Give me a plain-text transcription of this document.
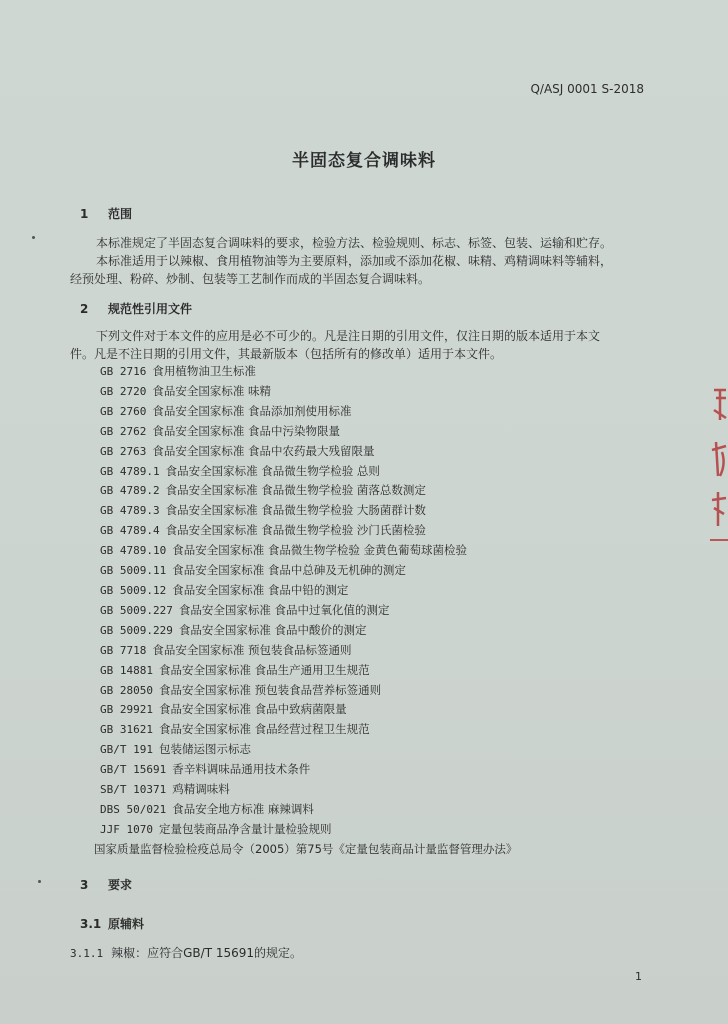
Q/ASJ 0001 S-2018
半固态复合调味料
1 范围
本标准规定了半固态复合调味料的要求，检验方法、检验规则、标志、标签、包装、运输和贮存。
本标准适用于以辣椒、食用植物油等为主要原料，添加或不添加花椒、味精、鸡精调味料等辅料，
经预处理、粉碎、炒制、包装等工艺制作而成的半固态复合调味料。
2 规范性引用文件
下列文件对于本文件的应用是必不可少的。凡是注日期的引用文件，仅注日期的版本适用于本文
件。凡是不注日期的引用文件，其最新版本（包括所有的修改单）适用于本文件。
GB 2716 食用植物油卫生标准
GB 2720 食品安全国家标准 味精
GB 2760 食品安全国家标准 食品添加剂使用标准
GB 2762 食品安全国家标准 食品中污染物限量
GB 2763 食品安全国家标准 食品中农药最大残留限量
GB 4789.1 食品安全国家标准 食品微生物学检验 总则
GB 4789.2 食品安全国家标准 食品微生物学检验 菌落总数测定
GB 4789.3 食品安全国家标准 食品微生物学检验 大肠菌群计数
GB 4789.4 食品安全国家标准 食品微生物学检验 沙门氏菌检验
GB 4789.10 食品安全国家标准 食品微生物学检验 金黄色葡萄球菌检验
GB 5009.11 食品安全国家标准 食品中总砷及无机砷的测定
GB 5009.12 食品安全国家标准 食品中铅的测定
GB 5009.227 食品安全国家标准 食品中过氧化值的测定
GB 5009.229 食品安全国家标准 食品中酸价的测定
GB 7718 食品安全国家标准 预包装食品标签通则
GB 14881 食品安全国家标准 食品生产通用卫生规范
GB 28050 食品安全国家标准 预包装食品营养标签通则
GB 29921 食品安全国家标准 食品中致病菌限量
GB 31621 食品安全国家标准 食品经营过程卫生规范
GB/T 191 包装储运图示标志
GB/T 15691 香辛料调味品通用技术条件
SB/T 10371 鸡精调味料
DBS 50/021 食品安全地方标准 麻辣调料
JJF 1070 定量包装商品净含量计量检验规则
国家质量监督检验检疫总局令（2005）第75号《定量包装商品计量监督管理办法》
3 要求
3.1 原辅料
3.1.1 辣椒：应符合GB/T 15691的规定。
1
